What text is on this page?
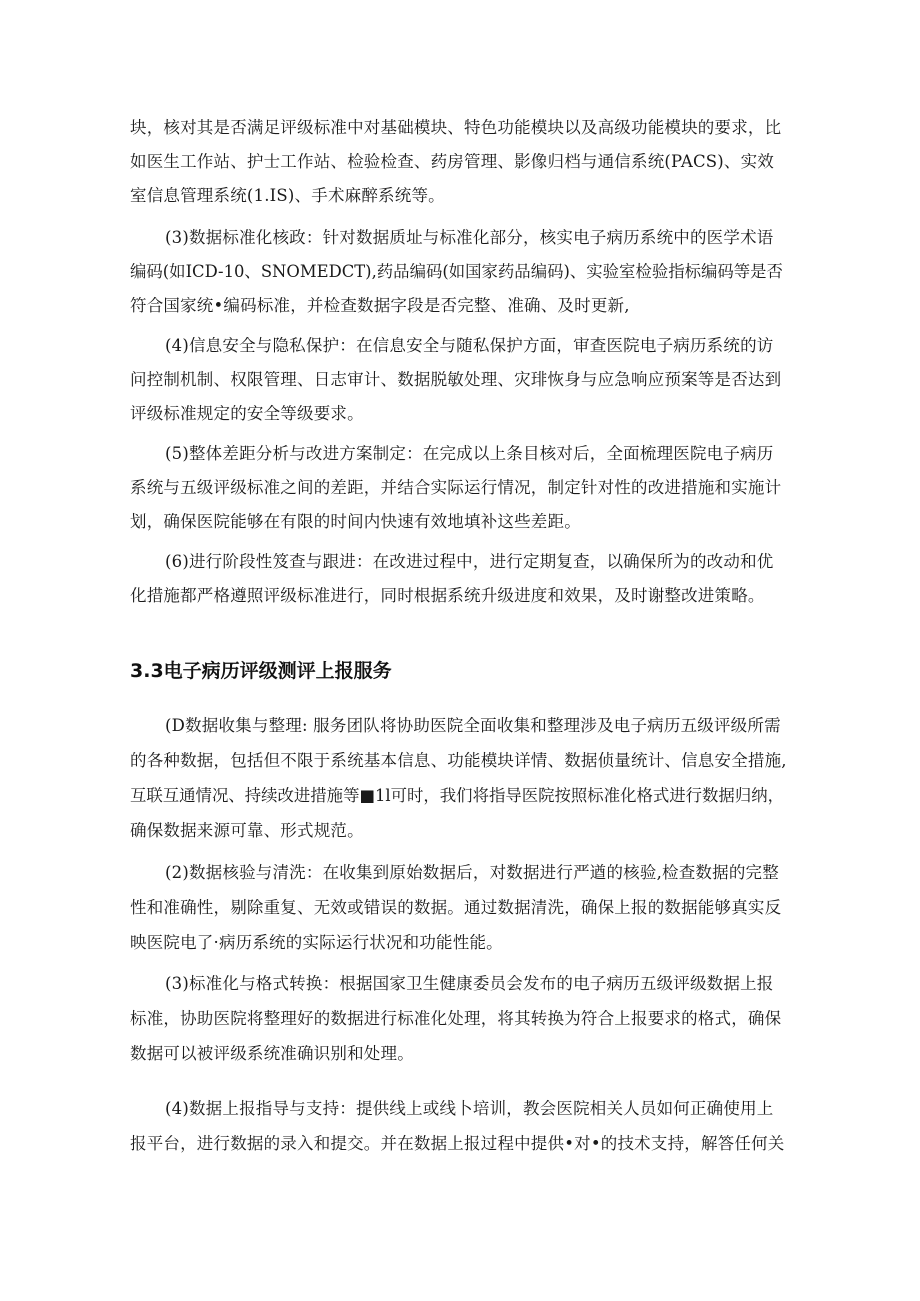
块，核对其是否满足评级标准中对基础模块、特色功能模块以及高级功能模块的要求，比
如医生工作站、护士工作站、检验检查、药房管理、影像归档与通信系统(PACS)、实效
室信息管理系统(1.IS)、手术麻醉系统等。
(3)数据标准化核政：针对数据质址与标准化部分，核实电子病历系统中的医学术语
编码(如ICD-10、SNOMEDCT),药品编码(如国家药品编码)、实验室检验指标编码等是否
符合国家统•编码标准，并检查数据字段是否完整、准确、及时更新,
(4)信息安全与隐私保护：在信息安全与随私保护方面，审查医院电子病历系统的访
问控制机制、权限管理、日志审计、数据脱敏处理、灾琲恢身与应急响应预案等是否达到
评级标准规定的安全等级要求。
(5)整体差距分析与改进方案制定：在完成以上条目核对后，全面梳理医院电子病历
系统与五级评级标准之间的差距，并结合实际运行情况，制定针对性的改进措施和实施计
划，确保医院能够在有限的时间内快速有效地填补这些差距。
(6)进行阶段性笈查与跟进：在改进过程中，进行定期复查，以确保所为的改动和优
化措施都严格遵照评级标准进行，同时根据系统升级进度和效果，及时谢整改进策略。
3.3电子病历评级测评上报服务
(D数据收集与整理: 服务团队将协助医院全面收集和整理涉及电子病历五级评级所需
的各种数据，包括但不限于系统基本信息、功能模块详情、数据侦量统计、信息安全措施,
互联互通情况、持续改进措施等■1l可时，我们将指导医院按照标准化格式进行数据归纳，
确保数据来源可靠、形式规范。
(2)数据核验与清洗：在收集到原始数据后，对数据进行严遒的核验,检查数据的完整
性和准确性，剔除重复、无效或错误的数据。通过数据清洗，确保上报的数据能够真实反
映医院电了·病历系统的实际运行状况和功能性能。
(3)标准化与格式转换：根据国家卫生健康委员会发布的电子病历五级评级数据上报
标准，协助医院将整理好的数据进行标准化处理，将其转换为符合上报要求的格式，确保
数据可以被评级系统准确识别和处理。
(4)数据上报指导与支持：提供线上或线卜培训，教会医院相关人员如何正确使用上
报平台，进行数据的录入和提交。并在数据上报过程中提供•对•的技术支持，解答任何关
